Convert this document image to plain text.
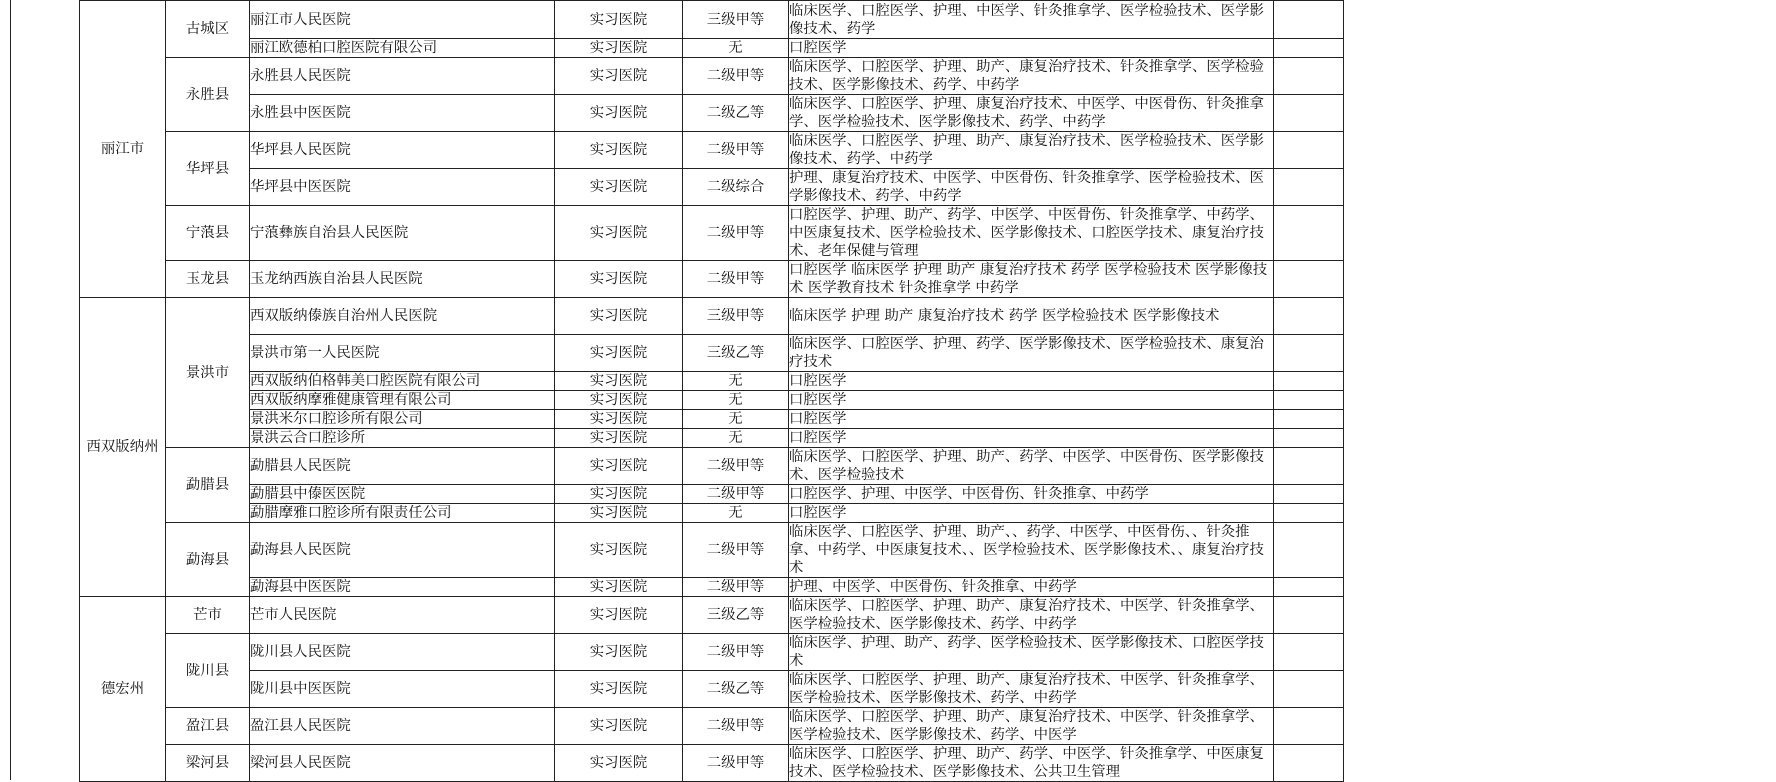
丽江市	古城区	丽江市人民医院	实习医院	三级甲等	临床医学、口腔医学、护理、中医学、针灸推拿学、医学检验技术、医学影像技术、药学	
		丽江欧德柏口腔医院有限公司	实习医院	无	口腔医学	
	永胜县	永胜县人民医院	实习医院	二级甲等	临床医学、口腔医学、护理、助产、康复治疗技术、针灸推拿学、医学检验技术、医学影像技术、药学、中药学	
		永胜县中医医院	实习医院	二级乙等	临床医学、口腔医学、护理、康复治疗技术、中医学、中医骨伤、针灸推拿学、医学检验技术、医学影像技术、药学、中药学	
	华坪县	华坪县人民医院	实习医院	二级甲等	临床医学、口腔医学、护理、助产、康复治疗技术、医学检验技术、医学影像技术、药学、中药学	
		华坪县中医医院	实习医院	二级综合	护理、康复治疗技术、中医学、中医骨伤、针灸推拿学、医学检验技术、医学影像技术、药学、中药学	
	宁蒗县	宁蒗彝族自治县人民医院	实习医院	二级甲等	口腔医学、护理、助产、药学、中医学、中医骨伤、针灸推拿学、中药学、中医康复技术、医学检验技术、医学影像技术、口腔医学技术、康复治疗技术、老年保健与管理	
	玉龙县	玉龙纳西族自治县人民医院	实习医院	二级甲等	口腔医学 临床医学 护理 助产 康复治疗技术 药学 医学检验技术 医学影像技术 医学教育技术 针灸推拿学 中药学	
西双版纳州	景洪市	西双版纳傣族自治州人民医院	实习医院	三级甲等	临床医学 护理 助产 康复治疗技术 药学 医学检验技术 医学影像技术	
		景洪市第一人民医院	实习医院	三级乙等	临床医学、口腔医学、护理、药学、医学影像技术、医学检验技术、康复治疗技术	
		西双版纳伯格韩美口腔医院有限公司	实习医院	无	口腔医学	
		西双版纳摩雅健康管理有限公司	实习医院	无	口腔医学	
		景洪米尔口腔诊所有限公司	实习医院	无	口腔医学	
		景洪云合口腔诊所	实习医院	无	口腔医学	
	勐腊县	勐腊县人民医院	实习医院	二级甲等	临床医学、口腔医学、护理、助产、药学、中医学、中医骨伤、医学影像技术、医学检验技术	
		勐腊县中傣医医院	实习医院	二级甲等	口腔医学、护理、中医学、中医骨伤、针灸推拿、中药学	
		勐腊摩雅口腔诊所有限责任公司	实习医院	无	口腔医学	
	勐海县	勐海县人民医院	实习医院	二级甲等	临床医学、口腔医学、护理、助产、、药学、中医学、中医骨伤、、针灸推拿、中药学、中医康复技术、、医学检验技术、医学影像技术、、康复治疗技术	
		勐海县中医医院	实习医院	二级甲等	护理、中医学、中医骨伤、针灸推拿、中药学	
德宏州	芒市	芒市人民医院	实习医院	三级乙等	临床医学、口腔医学、护理、助产、康复治疗技术、中医学、针灸推拿学、医学检验技术、医学影像技术、药学、中药学	
	陇川县	陇川县人民医院	实习医院	二级甲等	临床医学、护理、助产、药学、医学检验技术、医学影像技术、口腔医学技术	
		陇川县中医医院	实习医院	二级乙等	临床医学、口腔医学、护理、助产、康复治疗技术、中医学、针灸推拿学、医学检验技术、医学影像技术、药学、中药学	
	盈江县	盈江县人民医院	实习医院	二级甲等	临床医学、口腔医学、护理、助产、康复治疗技术、中医学、针灸推拿学、医学检验技术、医学影像技术、药学、中医学	
	梁河县	梁河县人民医院	实习医院	二级甲等	临床医学、口腔医学、护理、助产、药学、中医学、针灸推拿学、中医康复技术、医学检验技术、医学影像技术、公共卫生管理	
